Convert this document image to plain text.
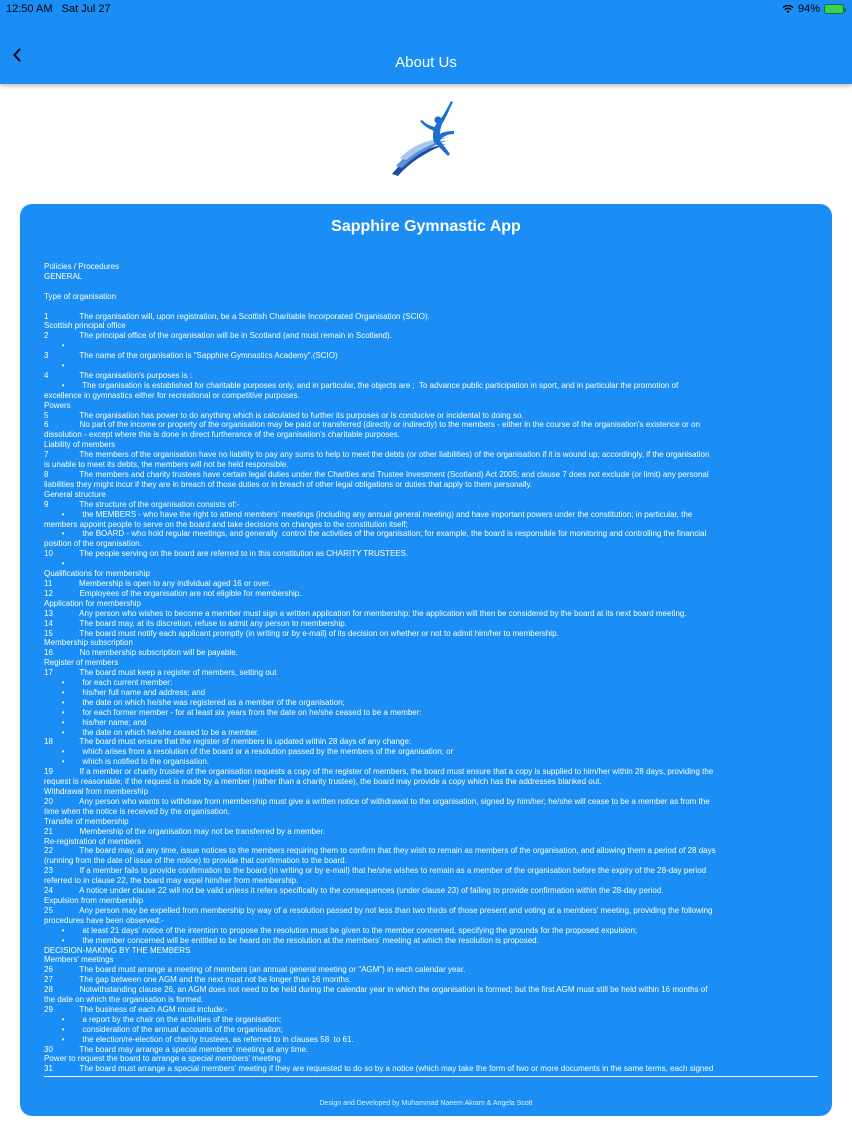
12:50 AM Sat Jul 27	94%
About Us
Sapphire Gymnastic App
Policies / Procedures
GENERAL
Type of organisation
1              The organisation will, upon registration, be a Scottish Charitable Incorporated Organisation (SCIO).
Scottish principal office
2              The principal office of the organisation will be in Scotland (and must remain in Scotland).
•
3              The name of the organisation is "Sapphire Gymnastics Academy".(SCIO)
•
4              The organisation's purposes is :
•        The organisation is established for charitable purposes only, and in particular, the objects are ;  To advance public participation in sport, and in particular the promotion of
excellence in gymnastics either for recreational or competitive purposes.
Powers
5              The organisation has power to do anything which is calculated to further its purposes or is conducive or incidental to doing so.
6              No part of the income or property of the organisation may be paid or transferred (directly or indirectly) to the members - either in the course of the organisation's existence or on
dissolution - except where this is done in direct furtherance of the organisation's charitable purposes.
Liability of members
7              The members of the organisation have no liability to pay any sums to help to meet the debts (or other liabilities) of the organisation if it is wound up; accordingly, if the organisation
is unable to meet its debts, the members will not be held responsible.
8              The members and charity trustees have certain legal duties under the Charities and Trustee Investment (Scotland) Act 2005; and clause 7 does not exclude (or limit) any personal
liabilities they might incur if they are in breach of those duties or in breach of other legal obligations or duties that apply to them personally.
General structure
9              The structure of the organisation consists of:-
•        the MEMBERS - who have the right to attend members' meetings (including any annual general meeting) and have important powers under the constitution; in particular, the
members appoint people to serve on the board and take decisions on changes to the constitution itself;
•        the BOARD - who hold regular meetings, and generally  control the activities of the organisation; for example, the board is responsible for monitoring and controlling the financial
position of the organisation.
10            The people serving on the board are referred to in this constitution as CHARITY TRUSTEES.
•
Qualifications for membership
11            Membership is open to any individual aged 16 or over.
12            Employees of the organisation are not eligible for membership.
Application for membership
13            Any person who wishes to become a member must sign a written application for membership; the application will then be considered by the board at its next board meeting.
14            The board may, at its discretion, refuse to admit any person to membership.
15            The board must notify each applicant promptly (in writing or by e-mail) of its decision on whether or not to admit him/her to membership.
Membership subscription
16            No membership subscription will be payable.
Register of members
17            The board must keep a register of members, setting out
•        for each current member:
•        his/her full name and address; and
•        the date on which he/she was registered as a member of the organisation;
•        for each former member - for at least six years from the date on he/she ceased to be a member:
•        his/her name; and
•        the date on which he/she ceased to be a member.
18            The board must ensure that the register of members is updated within 28 days of any change:
•        which arises from a resolution of the board or a resolution passed by the members of the organisation; or
•        which is notified to the organisation.
19            If a member or charity trustee of the organisation requests a copy of the register of members, the board must ensure that a copy is supplied to him/her within 28 days, providing the
request is reasonable; if the request is made by a member (rather than a charity trustee), the board may provide a copy which has the addresses blanked out.
Withdrawal from membership
20            Any person who wants to withdraw from membership must give a written notice of withdrawal to the organisation, signed by him/her; he/she will cease to be a member as from the
time when the notice is received by the organisation.
Transfer of membership
21            Membership of the organisation may not be transferred by a member.
Re-registration of members
22            The board may, at any time, issue notices to the members requiring them to confirm that they wish to remain as members of the organisation, and allowing them a period of 28 days
(running from the date of issue of the notice) to provide that confirmation to the board.
23            If a member fails to provide confirmation to the board (in writing or by e-mail) that he/she wishes to remain as a member of the organisation before the expiry of the 28-day period
referred to in clause 22, the board may expel him/her from membership.
24            A notice under clause 22 will not be valid unless it refers specifically to the consequences (under clause 23) of failing to provide confirmation within the 28-day period.
Expulsion from membership
25            Any person may be expelled from membership by way of a resolution passed by not less than two thirds of those present and voting at a members' meeting, providing the following
procedures have been observed:-
•        at least 21 days' notice of the intention to propose the resolution must be given to the member concerned, specifying the grounds for the proposed expulsion;
•        the member concerned will be entitled to be heard on the resolution at the members' meeting at which the resolution is proposed.
DECISION-MAKING BY THE MEMBERS
Members' meetings
26            The board must arrange a meeting of members (an annual general meeting or "AGM") in each calendar year.
27            The gap between one AGM and the next must not be longer than 16 months.
28            Notwithstanding clause 26, an AGM does not need to be held during the calendar year in which the organisation is formed; but the first AGM must still be held within 16 months of
the date on which the organisation is formed.
29            The business of each AGM must include:-
•        a report by the chair on the activities of the organisation;
•        consideration of the annual accounts of the organisation;
•        the election/re-election of charity trustees, as referred to in clauses 58  to 61.
30            The board may arrange a special members' meeting at any time.
Power to request the board to arrange a special members' meeting
31            The board must arrange a special members' meeting if they are requested to do so by a notice (which may take the form of two or more documents in the same terms, each signed
Design and Developed by Muhammad Naeem Akram & Angela Scott
